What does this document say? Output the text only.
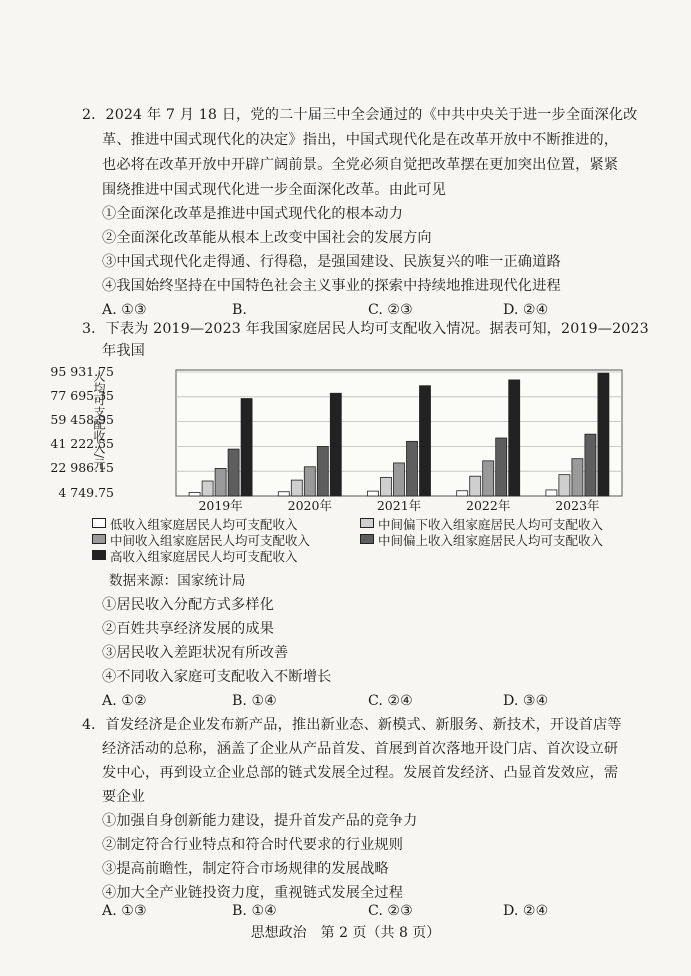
2．2024 年 7 月 18 日，党的二十届三中全会通过的《中共中央关于进一步全面深化改
革、推进中国式现代化的决定》指出，中国式现代化是在改革开放中不断推进的，
也必将在改革开放中开辟广阔前景。全党必须自觉把改革摆在更加突出位置，紧紧
围绕推进中国式现代化进一步全面深化改革。由此可见
①全面深化改革是推进中国式现代化的根本动力
②全面深化改革能从根本上改变中国社会的发展方向
③中国式现代化走得通、行得稳，是强国建设、民族复兴的唯一正确道路
④我国始终坚持在中国特色社会主义事业的探索中持续地推进现代化进程
A. ①③	B.	C. ②③	D. ②④
3．下表为 2019—2023 年我国家庭居民人均可支配收入情况。据表可知，2019—2023
年我国
人均可支配收入/元
95 931.75
77 695.35
59 458.95
41 222.55
22 986.15
4 749.75
2019年	2020年	2021年	2022年	2023年
低收入组家庭居民人均可支配收入	中间偏下收入组家庭居民人均可支配收入
中间收入组家庭居民人均可支配收入	中间偏上收入组家庭居民人均可支配收入
高收入组家庭居民人均可支配收入
数据来源：国家统计局
①居民收入分配方式多样化
②百姓共享经济发展的成果
③居民收入差距状况有所改善
④不同收入家庭可支配收入不断增长
A. ①②	B. ①④	C. ②④	D. ③④
4．首发经济是企业发布新产品，推出新业态、新模式、新服务、新技术，开设首店等
经济活动的总称，涵盖了企业从产品首发、首展到首次落地开设门店、首次设立研
发中心，再到设立企业总部的链式发展全过程。发展首发经济、凸显首发效应，需
要企业
①加强自身创新能力建设，提升首发产品的竞争力
②制定符合行业特点和符合时代要求的行业规则
③提高前瞻性，制定符合市场规律的发展战略
④加大全产业链投资力度，重视链式发展全过程
A. ①③	B. ①④	C. ②③	D. ②④
思想政治　第 2 页（共 8 页）
